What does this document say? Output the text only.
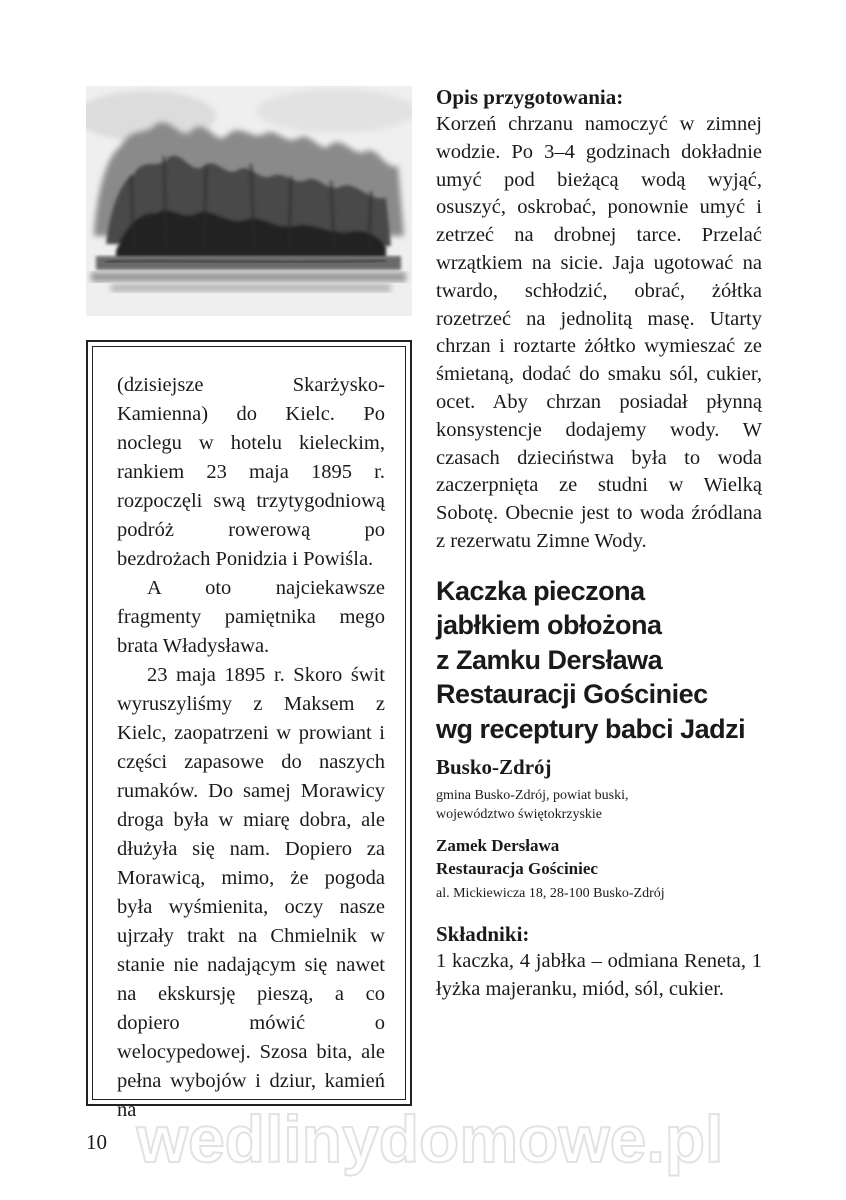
(dzisiejsze Skarżysko-Kamienna) do Kielc. Po noclegu w hotelu kieleckim, rankiem 23 maja 1895 r. rozpoczęli swą trzytygodniową podróż rowerową po bezdrożach Ponidzia i Powiśla.

A oto najciekawsze fragmenty pamiętnika mego brata Władysława.

23 maja 1895 r. Skoro świt wyruszyliśmy z Maksem z Kielc, zaopatrzeni w prowiant i części zapasowe do naszych rumaków. Do samej Morawicy droga była w miarę dobra, ale dłużyła się nam. Dopiero za Morawicą, mimo, że pogoda była wyśmienita, oczy nasze ujrzały trakt na Chmielnik w stanie nie nadającym się nawet na ekskursję pieszą, a co dopiero mówić o welocypedowej. Szosa bita, ale pełna wybojów i dziur, kamień na

Opis przygotowania:

Korzeń chrzanu namoczyć w zimnej wodzie. Po 3–4 godzinach dokładnie umyć pod bieżącą wodą wyjąć, osuszyć, oskrobać, ponownie umyć i zetrzeć na drobnej tarce. Przelać wrzątkiem na sicie. Jaja ugotować na twardo, schłodzić, obrać, żółtka rozetrzeć na jednolitą masę. Utarty chrzan i roztarte żółtko wymieszać ze śmietaną, dodać do smaku sól, cukier, ocet. Aby chrzan posiadał płynną konsystencje dodajemy wody. W czasach dzieciństwa była to woda zaczerpnięta ze studni w Wielką Sobotę. Obecnie jest to woda źródlana z rezerwatu Zimne Wody.

Kaczka pieczona
jabłkiem obłożona
z Zamku Dersława
Restauracji Gościniec
wg receptury babci Jadzi

Busko-Zdrój

gmina Busko-Zdrój, powiat buski,
województwo świętokrzyskie
Zamek Dersława
Restauracja Gościniec

al. Mickiewicza 18, 28-100 Busko-Zdrój

Składniki:

1 kaczka, 4 jabłka – odmiana Reneta, 1 łyżka majeranku, miód, sól, cukier.

wedlinydomowe.pl
10
